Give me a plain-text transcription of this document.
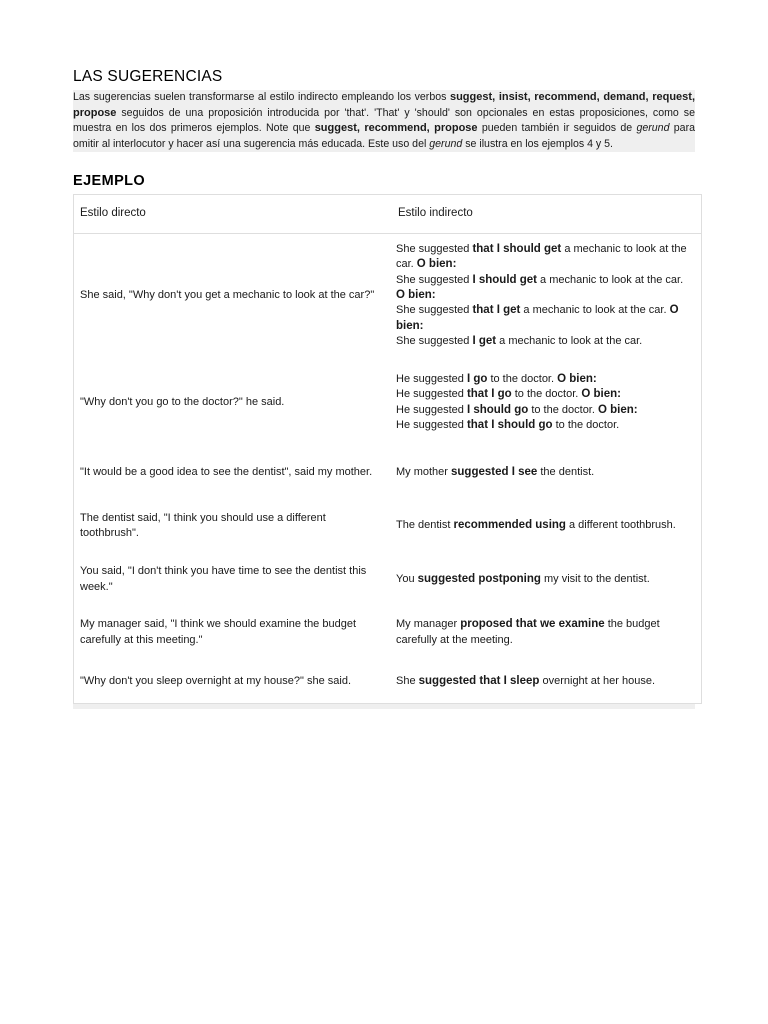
LAS SUGERENCIAS

Las sugerencias suelen transformarse al estilo indirecto empleando los verbos suggest, insist, recommend, demand, request, propose seguidos de una proposición introducida por 'that'. 'That' y 'should' son opcionales en estas proposiciones, como se muestra en los dos primeros ejemplos. Note que suggest, recommend, propose pueden también ir seguidos de gerund para omitir al interlocutor y hacer así una sugerencia más educada. Este uso del gerund se ilustra en los ejemplos 4 y 5.

EJEMPLO
Estilo directo	Estilo indirecto
She said, "Why don't you get a mechanic to look at the car?"	She suggested that I should get a mechanic to look at the car. O bien:
She suggested I should get a mechanic to look at the car. O bien:
She suggested that I get a mechanic to look at the car. O bien:
She suggested I get a mechanic to look at the car.
"Why don't you go to the doctor?" he said.	He suggested I go to the doctor. O bien:
He suggested that I go to the doctor. O bien:
He suggested I should go to the doctor. O bien:
He suggested that I should go to the doctor.
"It would be a good idea to see the dentist", said my mother.	My mother suggested I see the dentist.
The dentist said, "I think you should use a different toothbrush".	The dentist recommended using a different toothbrush.
You said, "I don't think you have time to see the dentist this week."	You suggested postponing my visit to the dentist.
My manager said, "I think we should examine the budget carefully at this meeting."	My manager proposed that we examine the budget carefully at the meeting.
"Why don't you sleep overnight at my house?" she said.	She suggested that I sleep overnight at her house.
